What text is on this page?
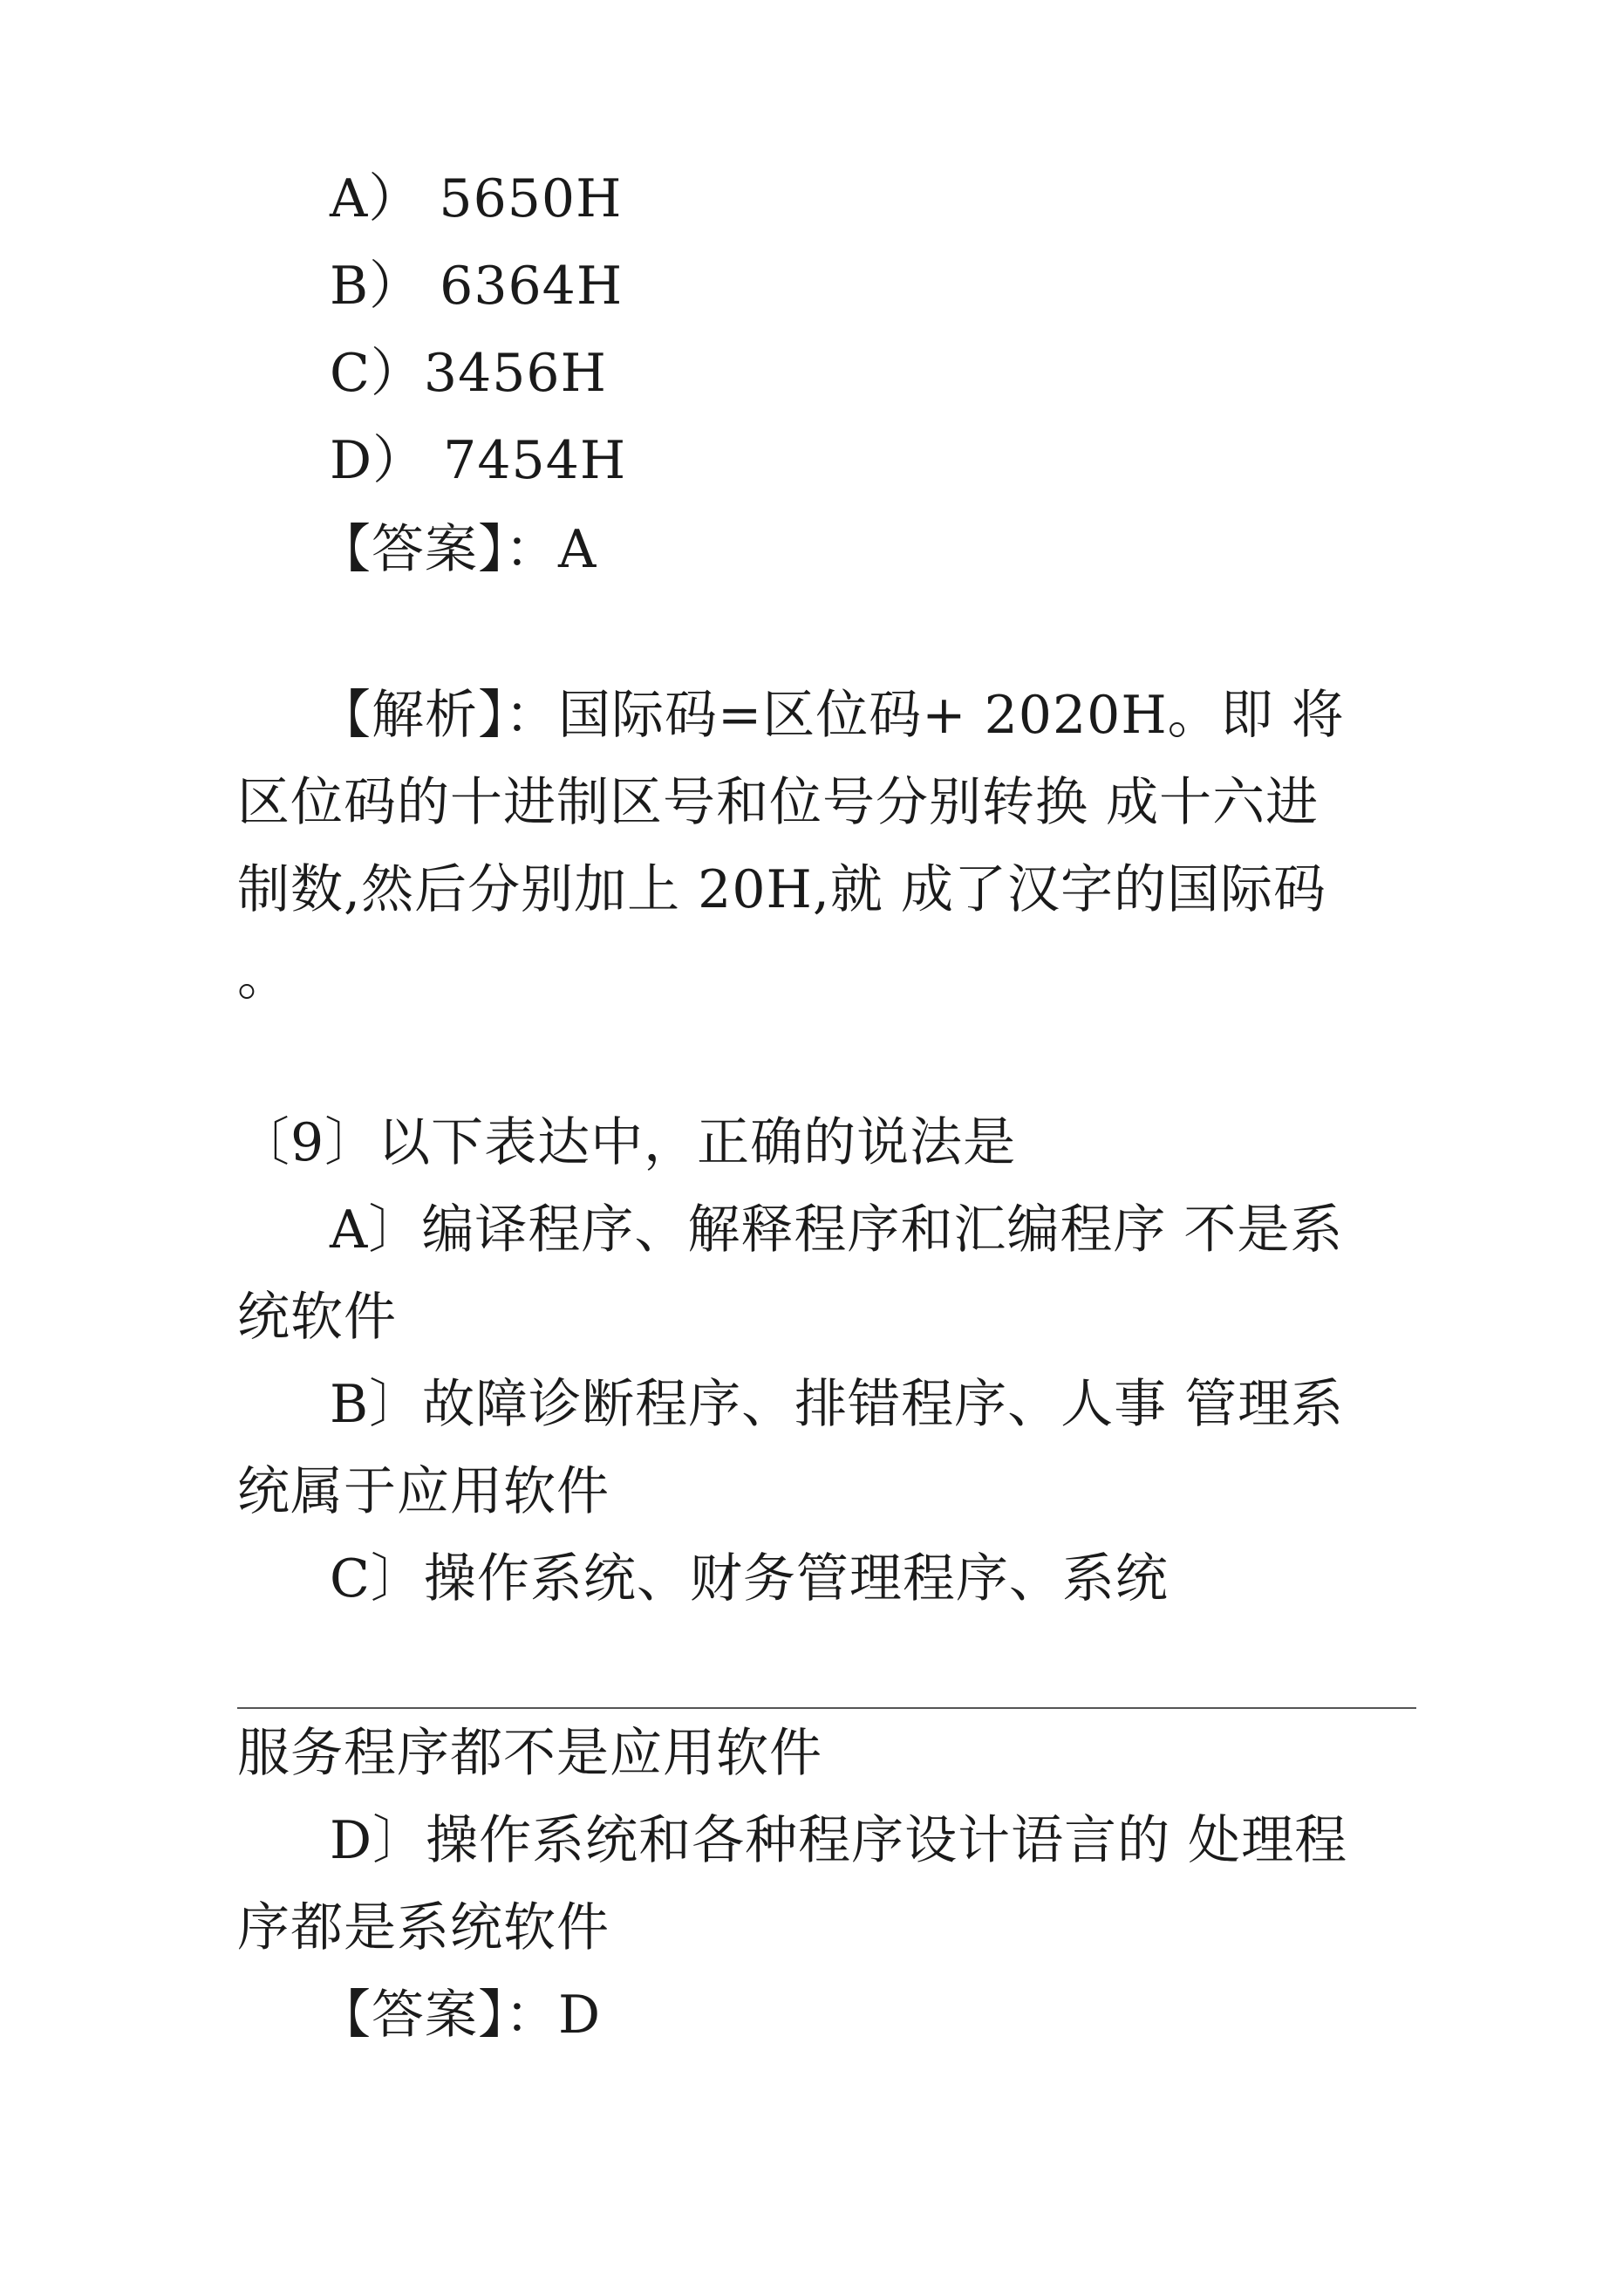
A） 5650H
B） 6364H
C）3456H
D） 7454H
【答案】：A
【解析】：国际码=区位码+ 2020H。即 将
区位码的十进制区号和位号分别转换 成十六进
制数,然后分别加上 20H,就 成了汉字的国际码
。
〔9〕以下表达中，正确的说法是
A〕编译程序、解释程序和汇编程序 不是系
统软件
B〕故障诊断程序、排错程序、人事 管理系
统属于应用软件
C〕操作系统、财务管理程序、系统
服务程序都不是应用软件
D〕操作系统和各种程序设计语言的 处理程
序都是系统软件
【答案】：D
